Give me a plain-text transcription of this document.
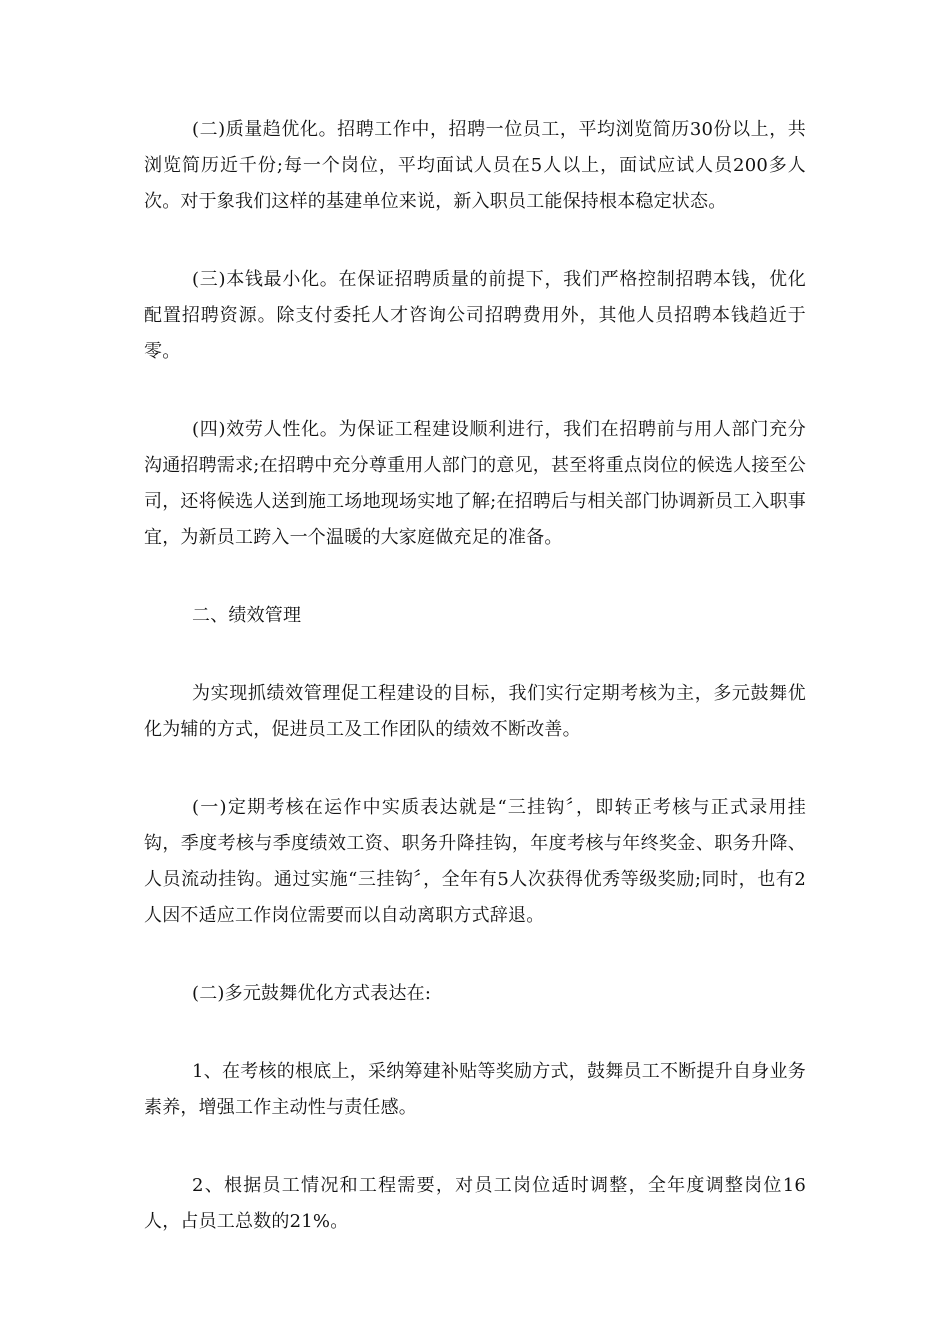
(二)质量趋优化。招聘工作中，招聘一位员工，平均浏览简历30份以上，共浏览简历近千份;每一个岗位，平均面试人员在5人以上，面试应试人员200多人次。对于象我们这样的基建单位来说，新入职员工能保持根本稳定状态。

(三)本钱最小化。在保证招聘质量的前提下，我们严格控制招聘本钱，优化配置招聘资源。除支付委托人才咨询公司招聘费用外，其他人员招聘本钱趋近于零。

(四)效劳人性化。为保证工程建设顺利进行，我们在招聘前与用人部门充分沟通招聘需求;在招聘中充分尊重用人部门的意见，甚至将重点岗位的候选人接至公司，还将候选人送到施工场地现场实地了解;在招聘后与相关部门协调新员工入职事宜，为新员工跨入一个温暖的大家庭做充足的准备。

二、绩效管理

为实现抓绩效管理促工程建设的目标，我们实行定期考核为主，多元鼓舞优化为辅的方式，促进员工及工作团队的绩效不断改善。

(一)定期考核在运作中实质表达就是“三挂钩〞，即转正考核与正式录用挂钩，季度考核与季度绩效工资、职务升降挂钩，年度考核与年终奖金、职务升降、人员流动挂钩。通过实施“三挂钩〞，全年有5人次获得优秀等级奖励;同时，也有2人因不适应工作岗位需要而以自动离职方式辞退。

(二)多元鼓舞优化方式表达在:

1、在考核的根底上，采纳筹建补贴等奖励方式，鼓舞员工不断提升自身业务素养，增强工作主动性与责任感。

2、根据员工情况和工程需要，对员工岗位适时调整，全年度调整岗位16人，占员工总数的21%。
